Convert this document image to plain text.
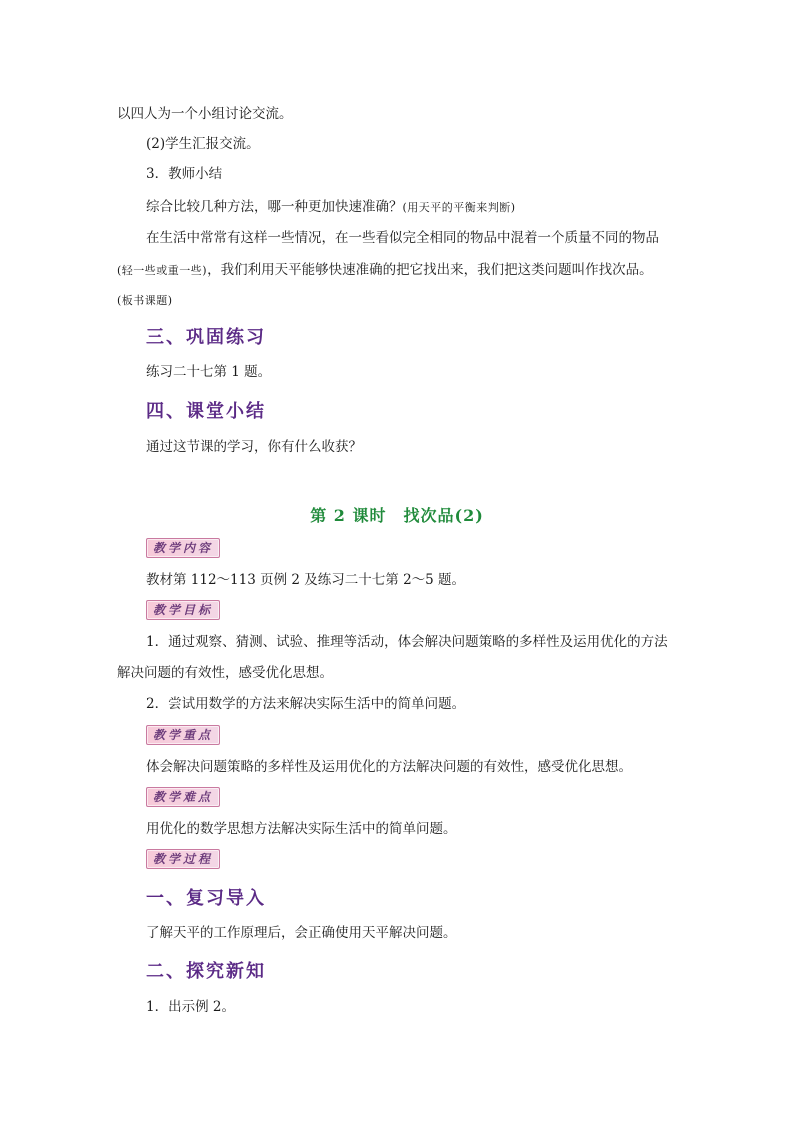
以四人为一个小组讨论交流。
(2)学生汇报交流。
3．教师小结
综合比较几种方法，哪一种更加快速准确？(用天平的平衡来判断)
在生活中常常有这样一些情况，在一些看似完全相同的物品中混着一个质量不同的物品
(轻一些或重一些)，我们利用天平能够快速准确的把它找出来，我们把这类问题叫作找次品。
(板书课题)
三、巩固练习
练习二十七第 1 题。
四、课堂小结
通过这节课的学习，你有什么收获？
第 2 课时　找次品(2)
教学内容
教材第 112～113 页例 2 及练习二十七第 2～5 题。
教学目标
1．通过观察、猜测、试验、推理等活动，体会解决问题策略的多样性及运用优化的方法
解决问题的有效性，感受优化思想。
2．尝试用数学的方法来解决实际生活中的简单问题。
教学重点
体会解决问题策略的多样性及运用优化的方法解决问题的有效性，感受优化思想。
教学难点
用优化的数学思想方法解决实际生活中的简单问题。
教学过程
一、复习导入
了解天平的工作原理后，会正确使用天平解决问题。
二、探究新知
1．出示例 2。
